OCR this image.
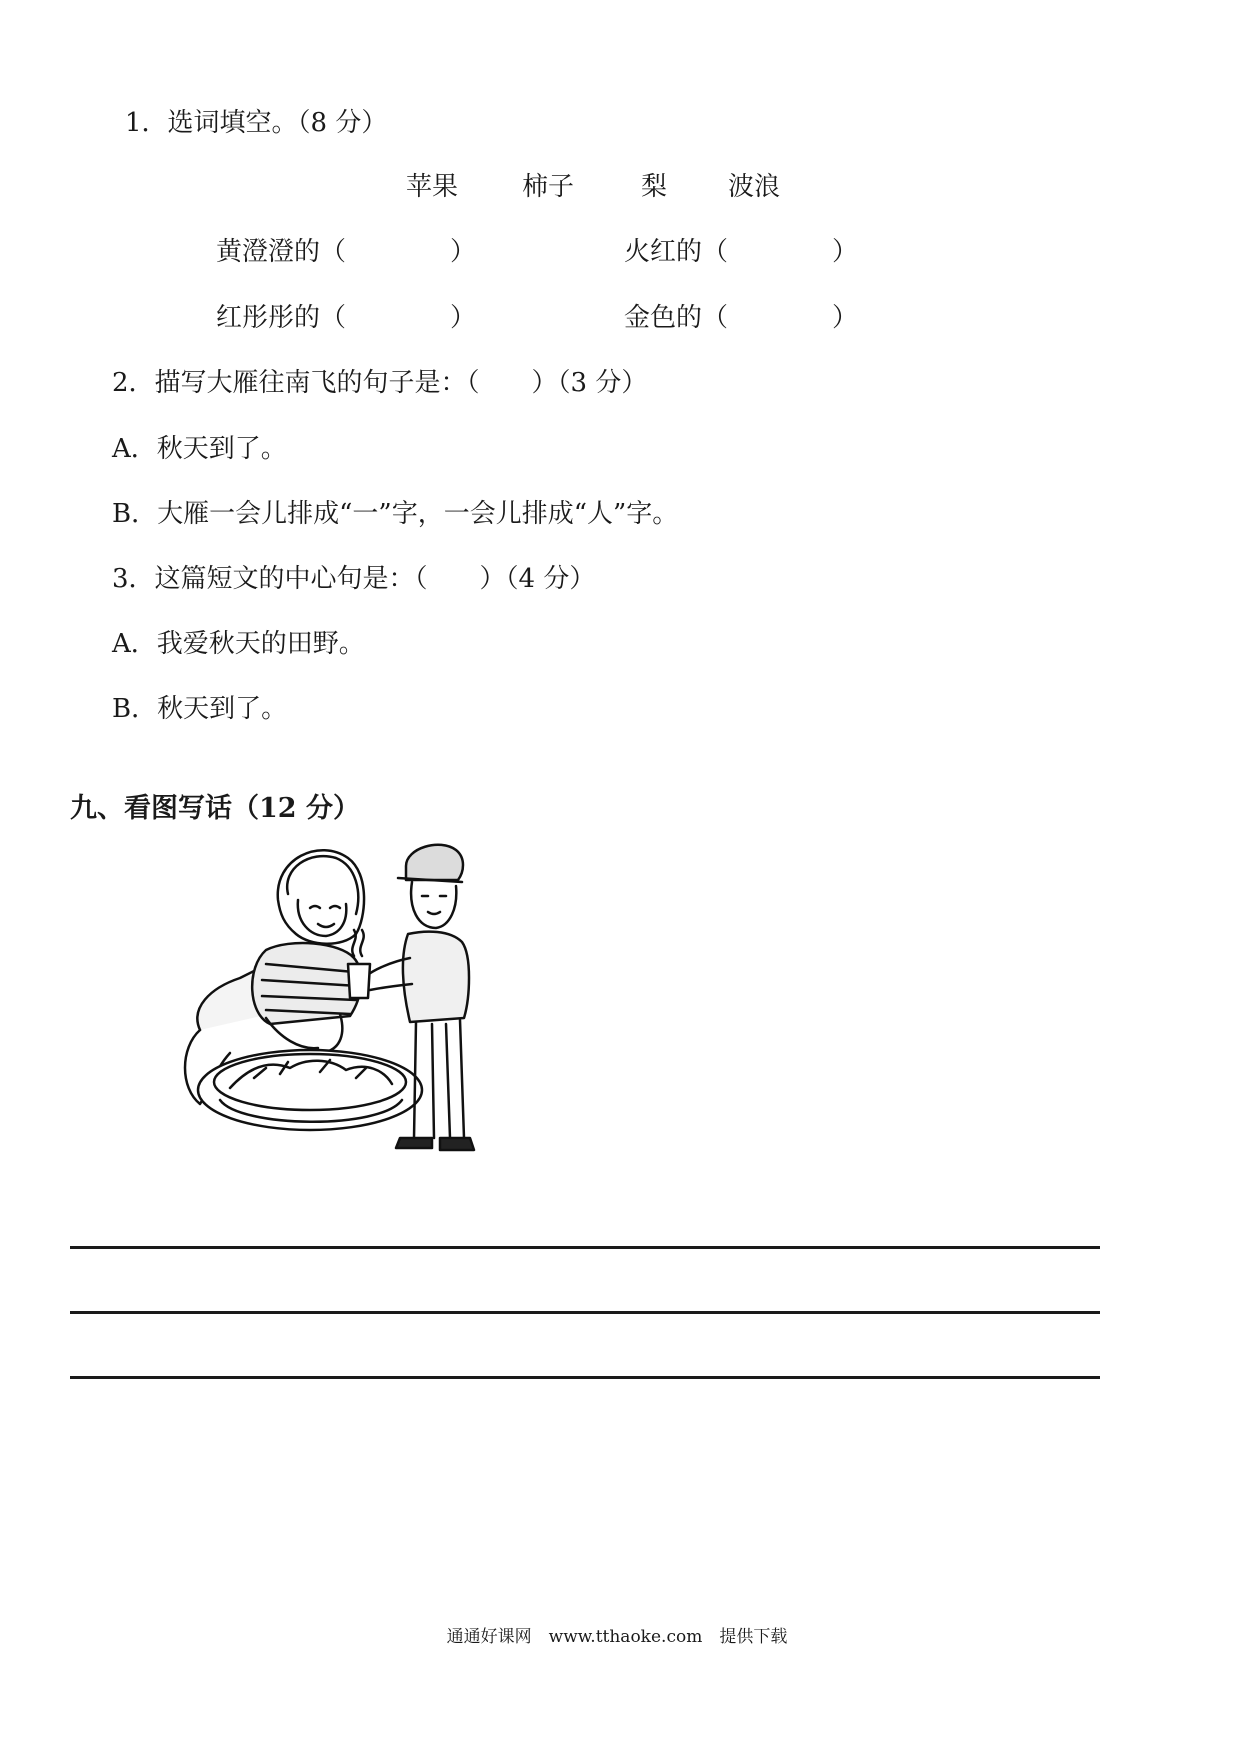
1．选词填空。（8 分）
苹果 柿子	梨 波浪
黄澄澄的（　　　　）	火红的（　　　　）
红彤彤的（　　　　）	金色的（　　　　）
2．描写大雁往南飞的句子是：（　　）（3 分）
A．秋天到了。
B．大雁一会儿排成“一”字，一会儿排成“人”字。
3．这篇短文的中心句是：（　　）（4 分）
A．我爱秋天的田野。
B．秋天到了。
九、看图写话（12 分）
通通好课网　www.tthaoke.com　提供下载
